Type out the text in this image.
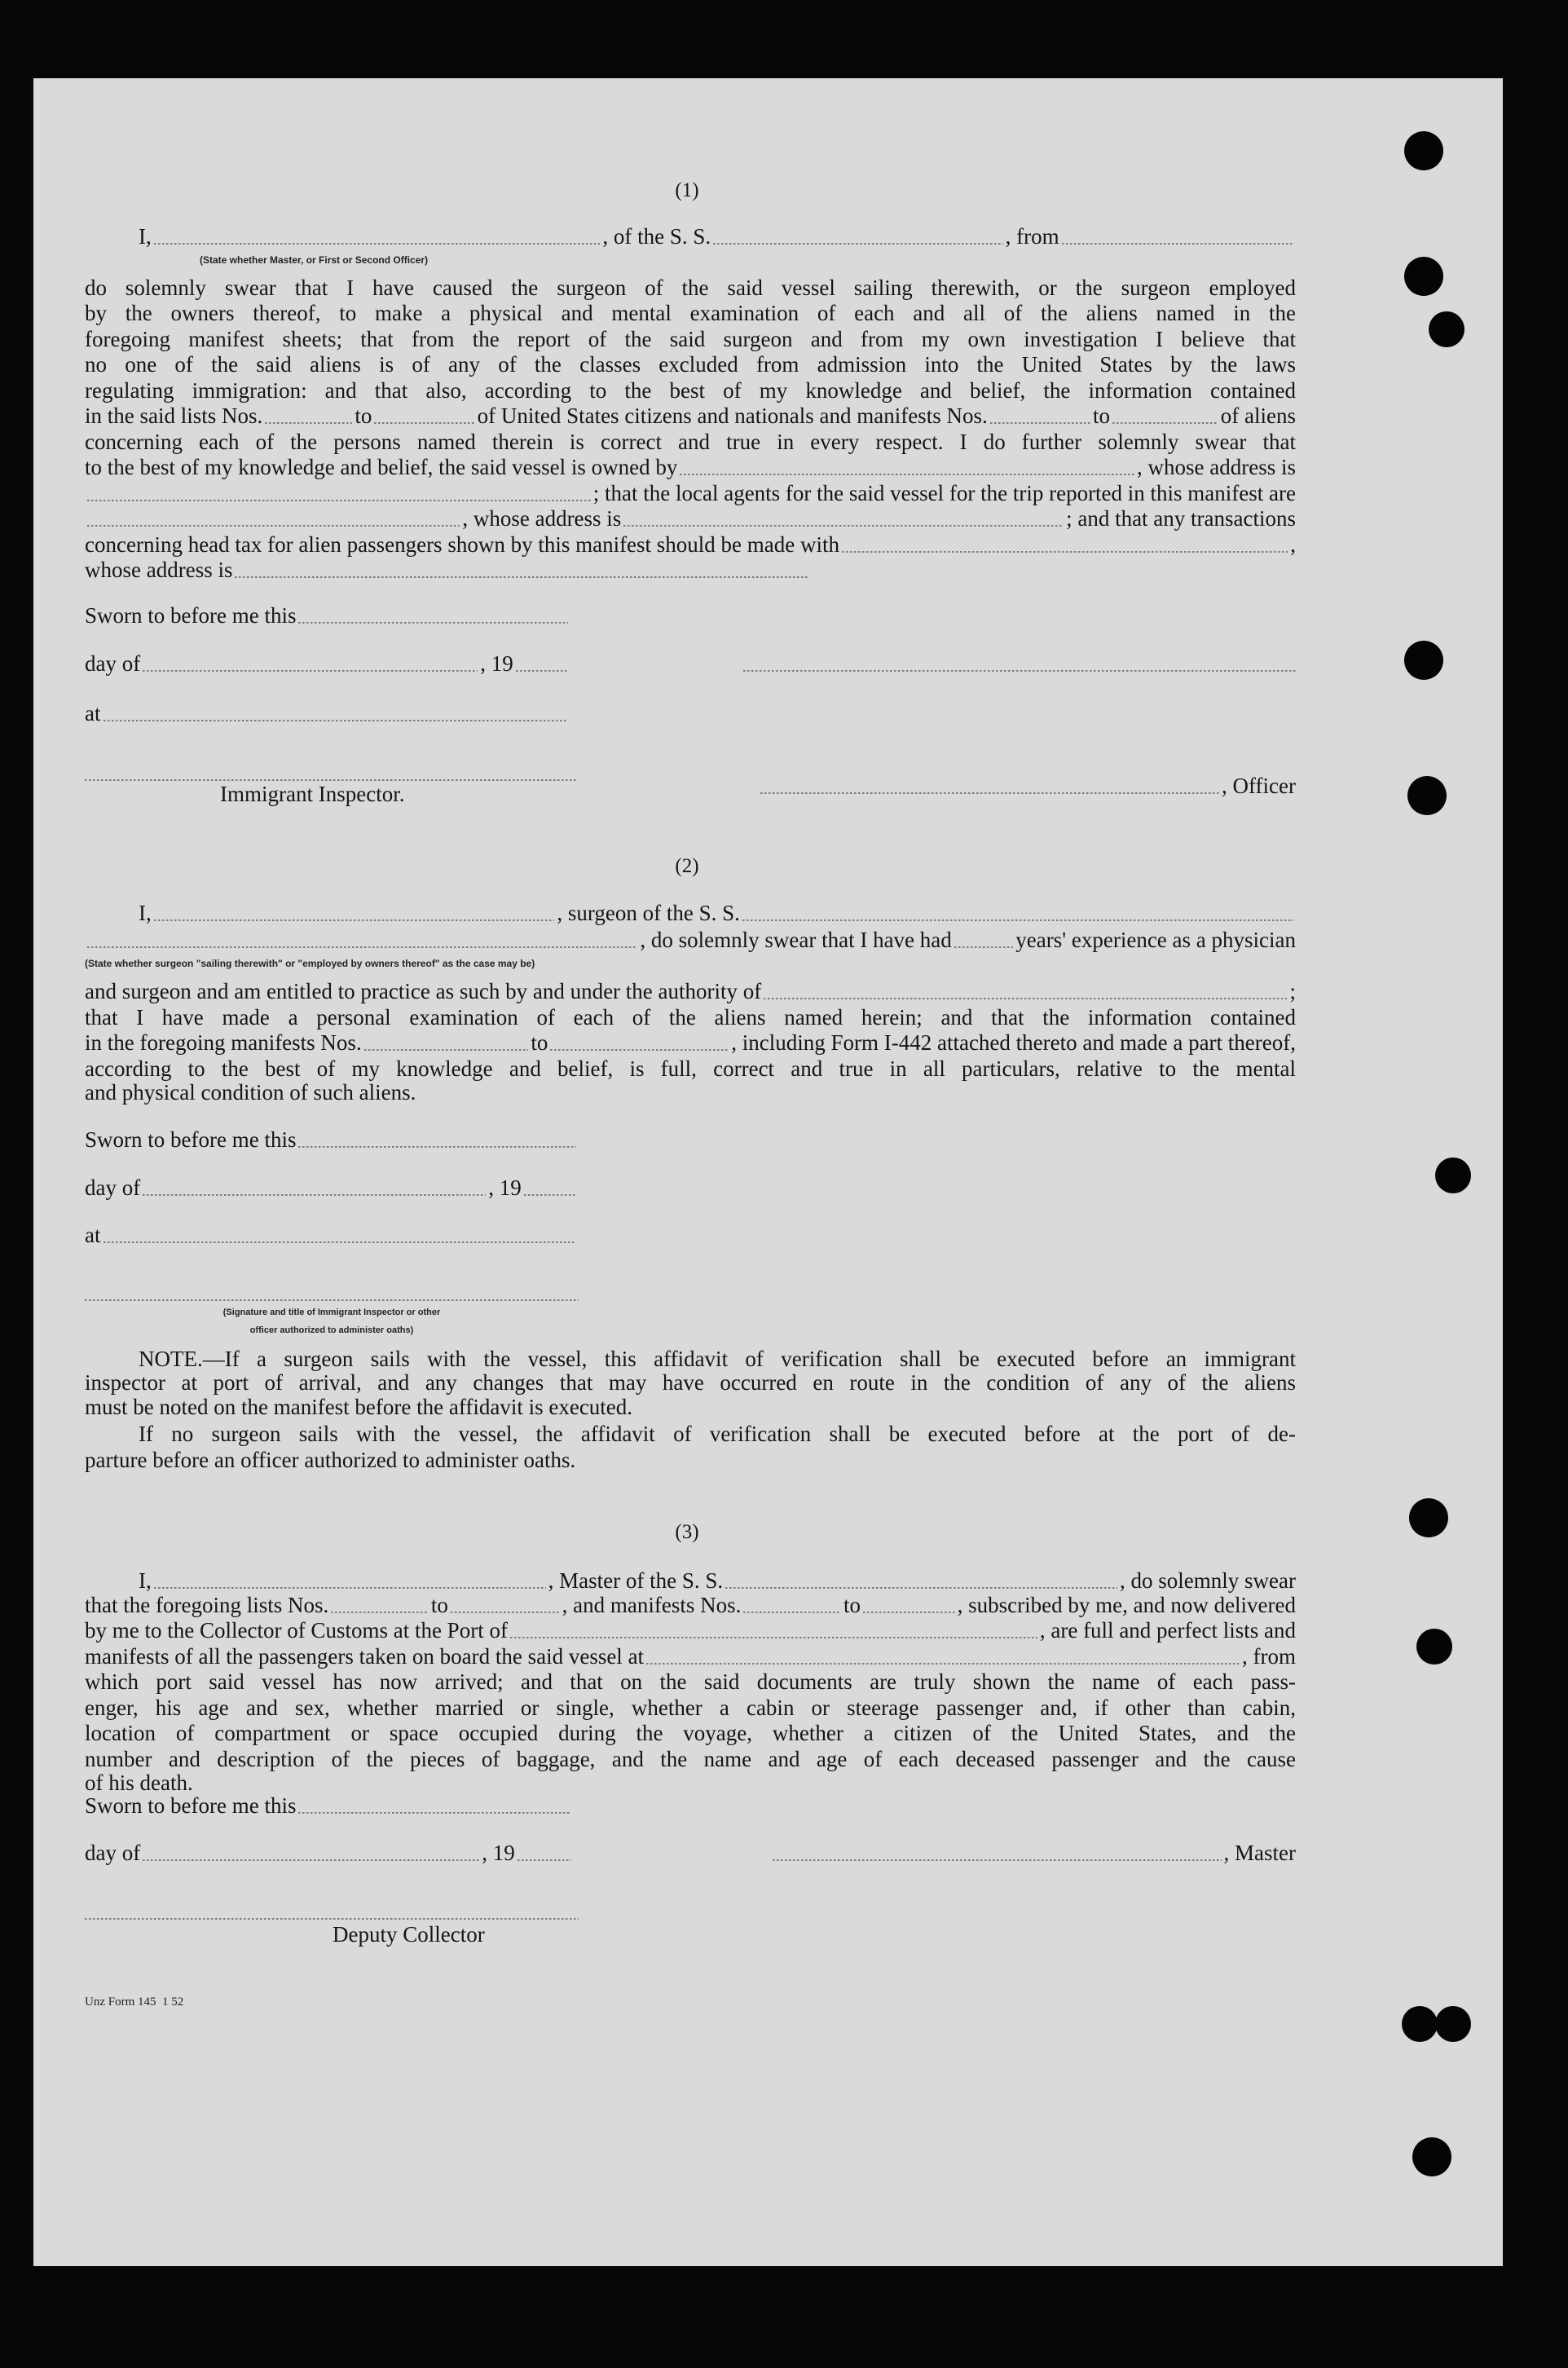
(1)
I,	, of the S. S.	, from
(State whether Master, or First or Second Officer)
do solemnly swear that I have caused the surgeon of the said vessel sailing therewith, or the surgeon employed
by the owners thereof, to make a physical and mental examination of each and all of the aliens named in the
foregoing manifest sheets; that from the report of the said surgeon and from my own investigation I believe that
no one of the said aliens is of any of the classes excluded from admission into the United States by the laws
regulating immigration: and that also, according to the best of my knowledge and belief, the information contained
in the said lists Nos.	to	of United States citizens and nationals and manifests Nos.	to	of aliens
concerning each of the persons named therein is correct and true in every respect. I do further solemnly swear that
to the best of my knowledge and belief, the said vessel is owned by	, whose address is
; that the local agents for the said vessel for the trip reported in this manifest are
, whose address is	; and that any transactions
concerning head tax for alien passengers shown by this manifest should be made with	,
whose address is
Sworn to before me this
day of	, 19
at
Immigrant Inspector.	, Officer
(2)
I,	, surgeon of the S. S.
, do solemnly swear that I have had	years' experience as a physician
(State whether surgeon "sailing therewith" or "employed by owners thereof" as the case may be)
and surgeon and am entitled to practice as such by and under the authority of	;
that I have made a personal examination of each of the aliens named herein; and that the information contained
in the foregoing manifests Nos.	to	, including Form I-442 attached thereto and made a part thereof,
according to the best of my knowledge and belief, is full, correct and true in all particulars, relative to the mental
and physical condition of such aliens.
Sworn to before me this
day of	, 19
at
(Signature and title of Immigrant Inspector or other
officer authorized to administer oaths)
NOTE.—If a surgeon sails with the vessel, this affidavit of verification shall be executed before an immigrant
inspector at port of arrival, and any changes that may have occurred en route in the condition of any of the aliens
must be noted on the manifest before the affidavit is executed.
If no surgeon sails with the vessel, the affidavit of verification shall be executed before at the port of de-
parture before an officer authorized to administer oaths.
(3)
I,	, Master of the S. S.	, do solemnly swear
that the foregoing lists Nos.	to	, and manifests Nos.	to	, subscribed by me, and now delivered
by me to the Collector of Customs at the Port of	, are full and perfect lists and
manifests of all the passengers taken on board the said vessel at	, from
which port said vessel has now arrived; and that on the said documents are truly shown the name of each pass-
enger, his age and sex, whether married or single, whether a cabin or steerage passenger and, if other than cabin,
location of compartment or space occupied during the voyage, whether a citizen of the United States, and the
number and description of the pieces of baggage, and the name and age of each deceased passenger and the cause
of his death.
Sworn to before me this
day of	, 19	, Master
Deputy Collector
Unz Form 145  1 52
